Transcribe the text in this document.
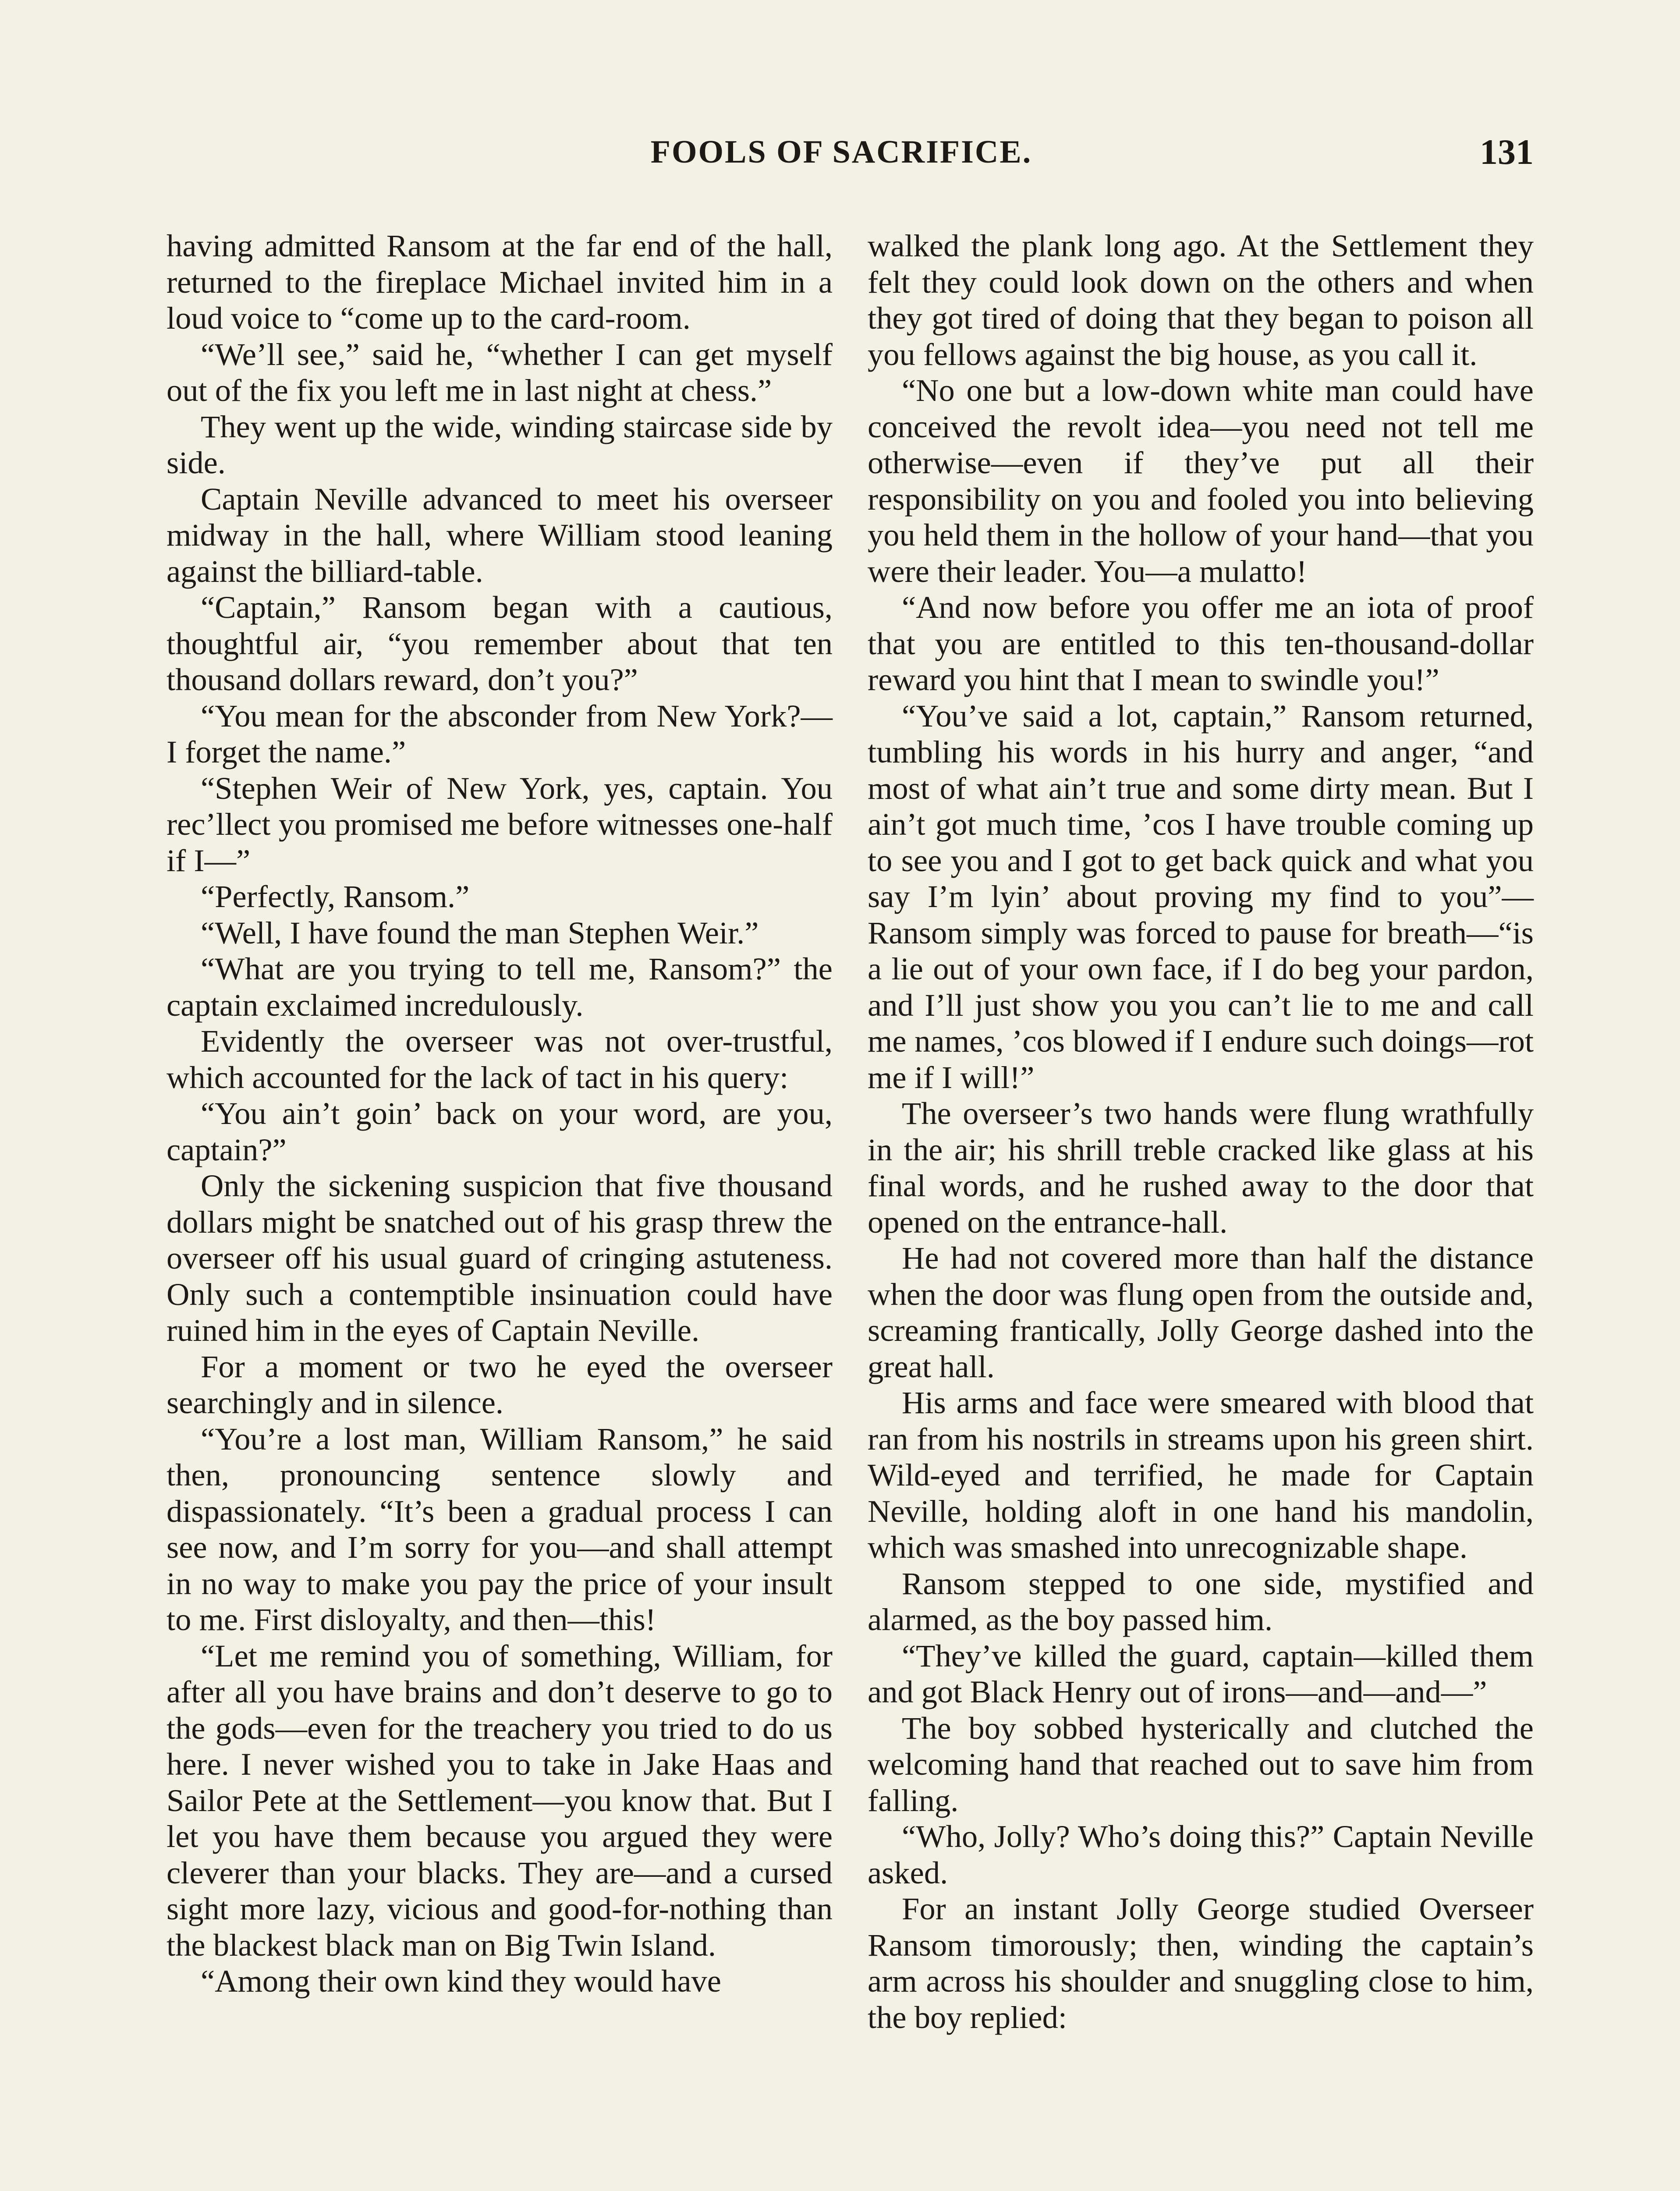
FOOLS OF SACRIFICE.	131

having admitted Ransom at the far end of the hall, returned to the fireplace Michael invited him in a loud voice to “come up to the card-room.

“We’ll see,” said he, “whether I can get myself out of the fix you left me in last night at chess.”

They went up the wide, winding staircase side by side.

Captain Neville advanced to meet his overseer midway in the hall, where William stood leaning against the billiard-table.

“Captain,” Ransom began with a cautious, thoughtful air, “you remember about that ten thousand dollars reward, don’t you?”

“You mean for the absconder from New York?—I forget the name.”

“Stephen Weir of New York, yes, captain. You rec’llect you promised me before witnesses one-half if I—”

“Perfectly, Ransom.”

“Well, I have found the man Stephen Weir.”

“What are you trying to tell me, Ransom?” the captain exclaimed incredulously.

Evidently the overseer was not over-trustful, which accounted for the lack of tact in his query:

“You ain’t goin’ back on your word, are you, captain?”

Only the sickening suspicion that five thousand dollars might be snatched out of his grasp threw the overseer off his usual guard of cringing astuteness. Only such a contemptible insinuation could have ruined him in the eyes of Captain Neville.

For a moment or two he eyed the overseer searchingly and in silence.

“You’re a lost man, William Ransom,” he said then, pronouncing sentence slowly and dispassionately. “It’s been a gradual process I can see now, and I’m sorry for you—and shall attempt in no way to make you pay the price of your insult to me. First disloyalty, and then—this!

“Let me remind you of something, William, for after all you have brains and don’t deserve to go to the gods—even for the treachery you tried to do us here. I never wished you to take in Jake Haas and Sailor Pete at the Settlement—you know that. But I let you have them because you argued they were cleverer than your blacks. They are—and a cursed sight more lazy, vicious and good-for-nothing than the blackest black man on Big Twin Island.

“Among their own kind they would have

walked the plank long ago. At the Settlement they felt they could look down on the others and when they got tired of doing that they began to poison all you fellows against the big house, as you call it.

“No one but a low-down white man could have conceived the revolt idea—you need not tell me otherwise—even if they’ve put all their responsibility on you and fooled you into believing you held them in the hollow of your hand—that you were their leader. You—a mulatto!

“And now before you offer me an iota of proof that you are entitled to this ten-thousand-dollar reward you hint that I mean to swindle you!”

“You’ve said a lot, captain,” Ransom returned, tumbling his words in his hurry and anger, “and most of what ain’t true and some dirty mean. But I ain’t got much time, ’cos I have trouble coming up to see you and I got to get back quick and what you say I’m lyin’ about proving my find to you”—Ransom simply was forced to pause for breath—“is a lie out of your own face, if I do beg your pardon, and I’ll just show you you can’t lie to me and call me names, ’cos blowed if I endure such doings—rot me if I will!”

The overseer’s two hands were flung wrathfully in the air; his shrill treble cracked like glass at his final words, and he rushed away to the door that opened on the entrance-hall.

He had not covered more than half the distance when the door was flung open from the outside and, screaming frantically, Jolly George dashed into the great hall.

His arms and face were smeared with blood that ran from his nostrils in streams upon his green shirt. Wild-eyed and terrified, he made for Captain Neville, holding aloft in one hand his mandolin, which was smashed into unrecognizable shape.

Ransom stepped to one side, mystified and alarmed, as the boy passed him.

“They’ve killed the guard, captain—killed them and got Black Henry out of irons—and—and—”

The boy sobbed hysterically and clutched the welcoming hand that reached out to save him from falling.

“Who, Jolly? Who’s doing this?” Captain Neville asked.

For an instant Jolly George studied Overseer Ransom timorously; then, winding the captain’s arm across his shoulder and snuggling close to him, the boy replied:
